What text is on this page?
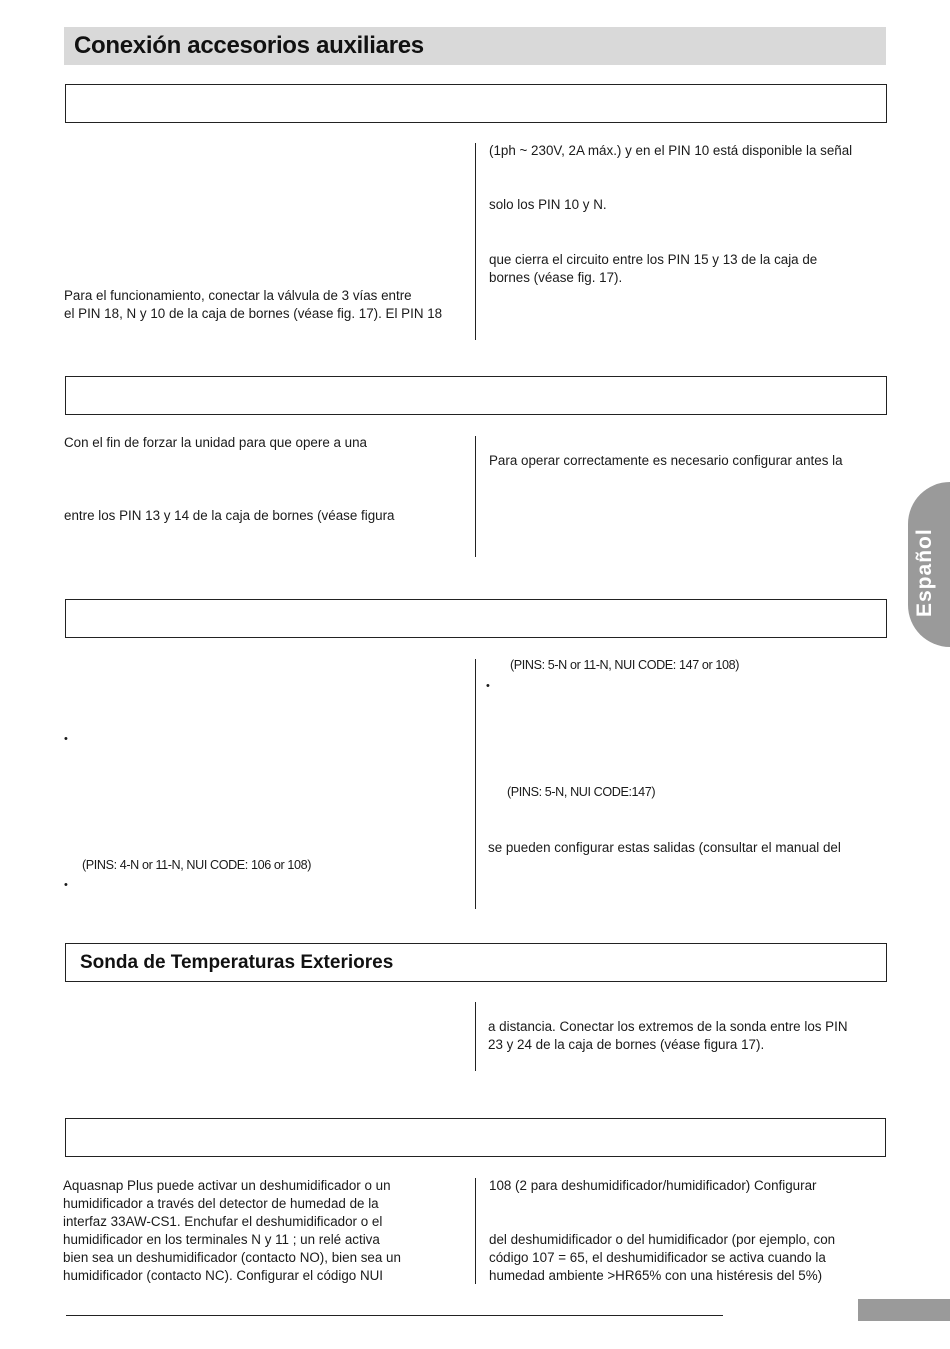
Conexión accesorios auxiliares
Español
(1ph ~ 230V, 2A máx.) y en el PIN 10 está disponible la señal
solo los PIN 10 y N.
que cierra el circuito entre los PIN 15 y 13 de la caja de
bornes (véase fig. 17).
Para el funcionamiento, conectar la válvula de 3 vías entre
el PIN 18, N y 10 de la caja de bornes (véase fig. 17). El PIN 18
Con el fin de forzar la unidad para que opere a una
entre los PIN 13 y 14 de la caja de bornes (véase figura
Para operar correctamente es necesario configurar antes la
•
(PINS: 4-N or 11-N, NUI CODE: 106 or 108)
•
(PINS: 5-N or 11-N, NUI CODE: 147 or 108)
•
(PINS: 5-N, NUI CODE:147)
se pueden configurar estas salidas (consultar el manual del
Sonda de Temperaturas Exteriores
a distancia. Conectar los extremos de la sonda entre los PIN
23 y 24 de la caja de bornes (véase figura 17).
Aquasnap Plus puede activar un deshumidificador o un
humidificador a través del detector de humedad de la
interfaz 33AW-CS1. Enchufar el deshumidificador o el
humidificador en los terminales N y 11 ; un relé activa
bien sea un deshumidificador (contacto NO), bien sea un
humidificador (contacto NC). Configurar el código NUI
108 (2 para deshumidificador/humidificador) Configurar
del deshumidificador o del humidificador (por ejemplo, con
código 107 = 65, el deshumidificador se activa cuando la
humedad ambiente >HR65% con una histéresis del 5%)
